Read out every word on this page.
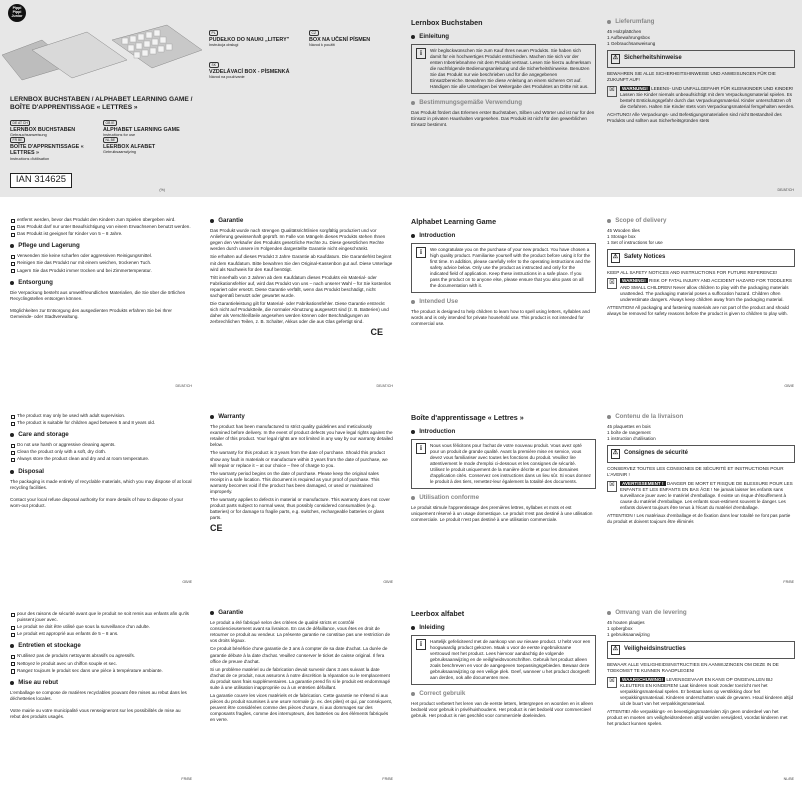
Pippi Pippi Junior
LERNBOX BUCHSTABEN / ALPHABET LEARNING GAME / BOÎTE D'APPRENTISSAGE « LETTRES »
DE AT CH
LERNBOX BUCHSTABEN
Gebrauchsanweisung
GB IE
ALPHABET LEARNING GAME
Instructions for use
FR BE
BOÎTE D'APPRENTISSAGE « LETTRES »
Instructions d'utilisation
NL BE
LEERBOX ALFABET
Gebruiksaanwijzing
PL
PUDEŁKO DO NAUKI „LITERY"
Instrukcja obsługi
CZ
BOX NA UČENÍ PÍSMEN
Návod k použití
SK
VZDELÁVACÍ BOX - PÍSMENKÁ
Návod na používanie
IAN 314625
(%)
Lernbox Buchstaben
Einleitung
i	Wir beglückwünschen Sie zum Kauf Ihres neuen Produkts. Sie haben sich damit für ein hochwertiges Produkt entschieden. Machen Sie sich vor der ersten Inbetriebnahme mit dem Produkt vertraut. Lesen Sie hierzu aufmerksam die nachfolgende Bedienungsanleitung und die Sicherheitshinweise. Benutzen Sie das Produkt nur wie beschrieben und für die angegebenen Einsatzbereiche. Bewahren Sie diese Anleitung an einem sicheren Ort auf. Händigen Sie alle Unterlagen bei Weitergabe des Produktes an Dritte mit aus.
Bestimmungsgemäße Verwendung

Das Produkt fördert das Erlernen erster Buchstaben, Silben und Wörter und ist nur für den Einsatz in privaten Haushalten vorgesehen. Das Produkt ist nicht für den gewerblichen Einsatz bestimmt.

Lieferumfang
45 Holzplättchen
1 Aufbewahrungsbox
1 Gebrauchsanweisung
⚠ Sicherheitshinweise

BEWAHREN SIE ALLE SICHERHEITSHINWEISE UND ANWEISUNGEN FÜR DIE ZUKUNFT AUF!

☒	WARNUNG! LEBENS- UND UNFALLGEFAHR FÜR KLEINKINDER UND KINDER! Lassen Sie Kinder niemals unbeaufsichtigt mit dem Verpackungsmaterial spielen. Es besteht Erstickungsgefahr durch das Verpackungsmaterial. Kinder unterschätzen oft die Gefahren. Halten Sie Kinder stets vom Verpackungsmaterial ferngehalten werden.

ACHTUNG! Alle Verpackungs- und Befestigungsmaterialien sind nicht Bestandteil des Produkts und sollten aus Sicherheitsgründen stets

DE/AT/CH
entfernt werden, bevor das Produkt den Kindern zum Spielen übergeben wird.
Das Produkt darf nur unter Beaufsichtigung von einem Erwachsenen benutzt werden.
Das Produkt ist geeignet für Kinder von 5 – 8 Jahre.
Pflege und Lagerung
Verwenden Sie keine scharfen oder aggressiven Reinigungsmittel.
Reinigen Sie das Produkt nur mit einem weichen, trockenen Tuch.
Lagern Sie das Produkt immer trocken und bei Zimmertemperatur.
Entsorgung

Die Verpackung besteht aus umweltfreundlichen Materialien, die Sie über die örtlichen Recyclingstellen entsorgen können.

Möglichkeiten zur Entsorgung des ausgedienten Produkts erfahren Sie bei Ihrer Gemeinde- oder Stadtverwaltung.

DE/AT/CH
Garantie

Das Produkt wurde nach strengen Qualitätsrichtlinien sorgfältig produziert und vor Anlieferung gewissenhaft geprüft. Im Falle von Mängeln dieses Produkts stehen Ihnen gegen den Verkäufer des Produkts gesetzliche Rechte zu. Diese gesetzlichen Rechte werden durch unsere im Folgenden dargestellte Garantie nicht eingeschränkt.

Sie erhalten auf dieses Produkt 3 Jahre Garantie ab Kaufdatum. Die Garantiefrist beginnt mit dem Kaufdatum. Bitte bewahren Sie den Original-Kassenbon gut auf. Diese Unterlage wird als Nachweis für den Kauf benötigt.

Tritt innerhalb von 3 Jahren ab dem Kaufdatum dieses Produkts ein Material- oder Fabrikationsfehler auf, wird das Produkt von uns – nach unserer Wahl – für Sie kostenlos repariert oder ersetzt. Diese Garantie verfällt, wenn das Produkt beschädigt, nicht sachgemäß benutzt oder gewartet wurde.

Die Garantieleistung gilt für Material- oder Fabrikationsfehler. Diese Garantie erstreckt sich nicht auf Produktteile, die normaler Abnutzung ausgesetzt sind (z. B. Batterien) und daher als Verschleißteile angesehen werden können oder Beschädigungen an zerbrechlichen Teilen, z. B. Schalter, Akkus oder die aus Glas gefertigt sind.

CE
DE/AT/CH
Alphabet Learning Game
Introduction
i	We congratulate you on the purchase of your new product. You have chosen a high quality product. Familiarise yourself with the product before using it for the first time. In addition, please carefully refer to the operating instructions and the safety advice below. Only use the product as instructed and only for the indicated field of application. Keep these instructions in a safe place. If you pass the product on to anyone else, please ensure that you also pass on all the documentation with it.
Intended Use

The product is designed to help children to learn how to spell using letters, syllables and words and is only intended for private household use. This product is not intended for commercial use.

Scope of delivery
45 Wooden tiles
1 Storage box
1 Set of instructions for use
⚠ Safety Notices

KEEP ALL SAFETY NOTICES AND INSTRUCTIONS FOR FUTURE REFERENCE!

☒	WARNING! RISK OF FATAL INJURY AND ACCIDENT HAZARD FOR TODDLERS AND SMALL CHILDREN! Never allow children to play with the packaging materials unattended. The packaging material poses a suffocation hazard. Children often underestimate dangers. Always keep children away from the packaging material.

ATTENTION! All packaging and fastening materials are not part of the product and should always be removed for safety reasons before the product is given to children to play with.

GB/IE
The product may only be used with adult supervision.
The product is suitable for children aged between 5 and 8 years old.
Care and storage
Do not use harsh or aggressive cleaning agents.
Clean the product only with a soft, dry cloth.
Always store the product clean and dry and at room temperature.
Disposal

The packaging is made entirely of recyclable materials, which you may dispose of at local recycling facilities.

Contact your local refuse disposal authority for more details of how to dispose of your worn-out product.

GB/IE
Warranty

The product has been manufactured to strict quality guidelines and meticulously examined before delivery. In the event of product defects you have legal rights against the retailer of this product. Your legal rights are not limited in any way by our warranty detailed below.

The warranty for this product is 3 years from the date of purchase. Should this product show any fault in materials or manufacture within 3 years from the date of purchase, we will repair or replace it – at our choice – free of charge to you.

The warranty period begins on the date of purchase. Please keep the original sales receipt in a safe location. This document is required as your proof of purchase. This warranty becomes void if the product has been damaged, or used or maintained improperly.

The warranty applies to defects in material or manufacture. This warranty does not cover product parts subject to normal wear, thus possibly considered consumables (e.g. batteries) or for damage to fragile parts, e.g. switches, rechargeable batteries or glass parts.

CE
GB/IE
Boîte d'apprentissage « Lettres »
Introduction
i	Nous vous félicitons pour l'achat de votre nouveau produit. Vous avez opté pour un produit de grande qualité. Avant la première mise en service, vous devez vous familiariser avec toutes les fonctions du produit. Veuillez lire attentivement le mode d'emploi ci-dessous et les consignes de sécurité. Utilisez le produit uniquement de la manière décrite et pour les domaines d'application cités. Conservez ces instructions dans un lieu sûr. Si vous donnez le produit à des tiers, remettez-leur également la totalité des documents.
Utilisation conforme

Le produit stimule l'apprentissage des premières lettres, syllabes et mots et est uniquement réservé à un usage domestique. Le produit n'est pas destiné à une utilisation commerciale. Le produit n'est pas destiné à une utilisation commerciale.

Contenu de la livraison
45 plaquettes en bois
1 boîte de rangement
1 instruction d'utilisation
⚠ Consignes de sécurité

CONSERVEZ TOUTES LES CONSIGNES DE SÉCURITÉ ET INSTRUCTIONS POUR L'AVENIR !

☒	AVERTISSEMENT ! DANGER DE MORT ET RISQUE DE BLESSURE POUR LES ENFANTS ET LES ENFANTS EN BAS ÂGE ! Ne jamais laisser les enfants sans surveillance jouer avec le matériel d'emballage. Il existe un risque d'étouffement à cause du matériel d'emballage. Les enfants sous-estiment souvent le danger. Les enfants doivent toujours être tenus à l'écart du matériel d'emballage.

ATTENTION ! Les matériaux d'emballage et de fixation dans leur totalité ne font pas partie du produit et doivent toujours être éliminés

FR/BE
pour des raisons de sécurité avant que le produit ne soit remis aux enfants afin qu'ils puissent jouer avec.
Le produit ne doit être utilisé que sous la surveillance d'un adulte.
Le produit est approprié aux enfants de 5 – 8 ans.
Entretien et stockage
N'utilisez pas de produits nettoyants abrasifs ou agressifs.
Nettoyez le produit avec un chiffon souple et sec.
Rangez toujours le produit sec dans une pièce à température ambiante.
Mise au rebut

L'emballage se compose de matières recyclables pouvant être mises au rebut dans les déchetteries locales.

Votre mairie ou votre municipalité vous renseigneront sur les possibilités de mise au rebut des produits usagés.

FR/BE
Garantie

Le produit a été fabriqué selon des critères de qualité stricts et contrôlé consciencieusement avant sa livraison. En cas de défaillance, vous êtes en droit de retourner ce produit au vendeur. La présente garantie ne constitue pas une restriction de vos droits légaux.

Ce produit bénéficie d'une garantie de 3 ans à compter de sa date d'achat. La durée de garantie débute à la date d'achat. Veuillez conserver le ticket de caisse original. Il fera office de preuve d'achat.

Si un problème matériel ou de fabrication devait survenir dans 3 ans suivant la date d'achat de ce produit, nous assurons à notre discrétion la réparation ou le remplacement du produit sans frais supplémentaires. La garantie prend fin si le produit est endommagé suite à une utilisation inappropriée ou à un entretien défaillant.

La garantie couvre les vices matériels et de fabrication. Cette garantie ne s'étend ni aux pièces du produit soumises à une usure normale (p. ex. des piles) et qui, par conséquent, peuvent être considérées comme des pièces d'usure, ni aux dommages sur des composants fragiles, comme des interrupteurs, des batteries ou des éléments fabriqués en verre.

FR/BE
Leerbox alfabet
Inleiding
i	Hartelijk gefeliciteerd met de aankoop van uw nieuwe product. U hebt voor een hoogwaardig product gekozen. Maak u voor de eerste ingebruikname vertrouwd met het product. Lees hiervoor aandachtig de volgende gebruiksaanwijzing en de veiligheidsvoorschriften. Gebruik het product alleen zoals beschreven en voor de aangegeven toepassingsgebieden. Bewaar deze gebruiksaanwijzing op een veilige plek. Geef, wanneer u het product doorgeeft aan derden, ook alle documenten mee.
Correct gebruik

Het product verbetert het leren van de eerste letters, lettergrepen en woorden en is alleen bedoeld voor gebruik in privéhuishoudens. Het product is niet bedoeld voor commercieel gebruik. Het product is niet geschikt voor commerciële doeleinden.

Omvang van de levering
45 houten plaatjes
1 opbergbox
1 gebruiksaanwijzing
⚠ Veiligheidsinstructies

BEWAAR ALLE VEILIGHEIDSINSTRUCTIES EN AANWIJZINGEN OM DEZE IN DE TOEKOMST TE KUNNEN RAADPLEGEN!

☒	WAARSCHUWING! LEVENSGEVAAR EN KANS OP ONGEVALLEN BIJ KLEUTERS EN KINDEREN! Laat kinderen nooit zonder toezicht met het verpakkingsmateriaal spelen. Er bestaat kans op verstikking door het verpakkingsmateriaal. Kinderen onderschatten vaak de gevaren. Houd kinderen altijd uit de buurt van het verpakkingsmateriaal.

ATTENTIE! Alle verpakkings- en bevestigingsmaterialen zijn geen onderdeel van het product en moeten om veiligheidsredenen altijd worden verwijderd, voordat kinderen met het product kunnen spelen.

NL/BE
